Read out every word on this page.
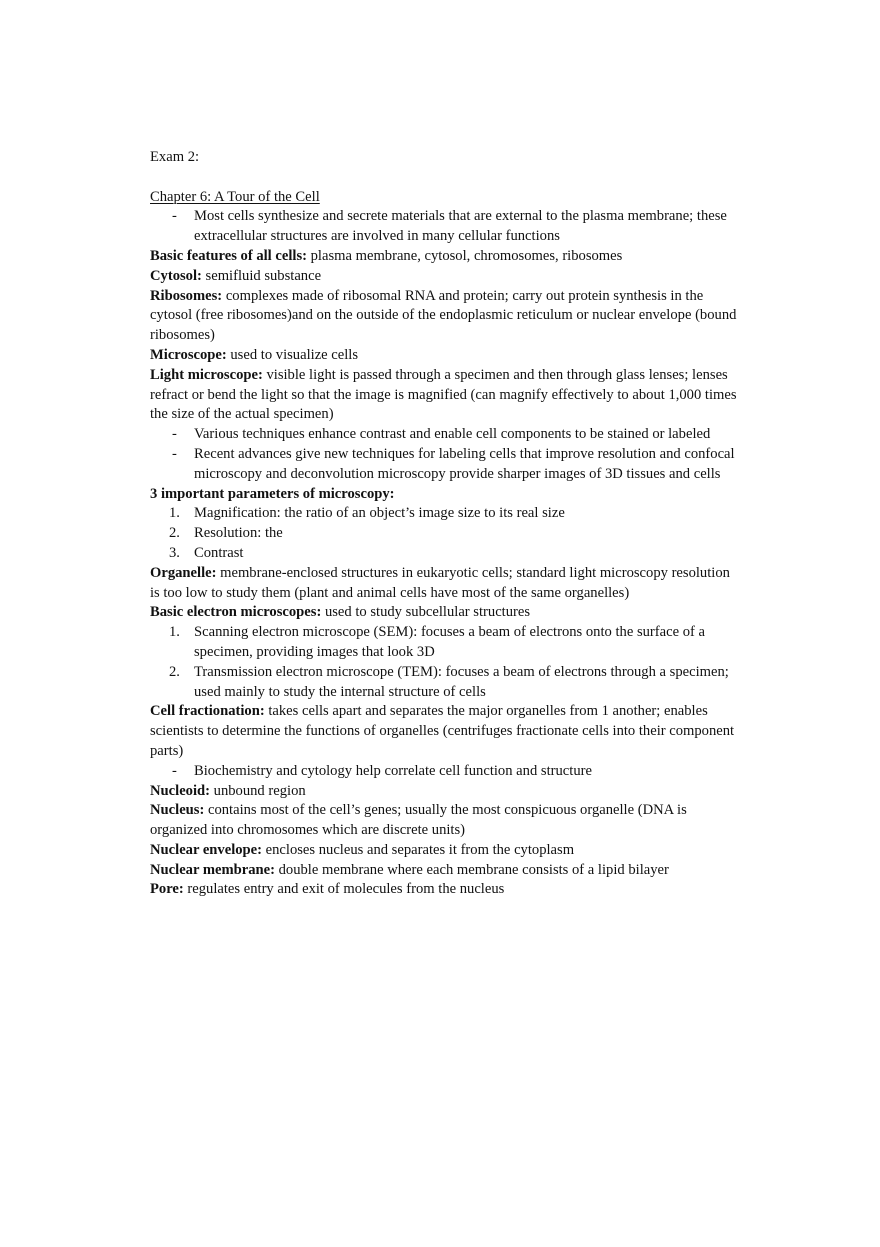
Exam 2:

Chapter 6: A Tour of the Cell

- Most cells synthesize and secrete materials that are external to the plasma membrane; these extracellular structures are involved in many cellular functions

Basic features of all cells: plasma membrane, cytosol, chromosomes, ribosomes

Cytosol: semifluid substance

Ribosomes: complexes made of ribosomal RNA and protein; carry out protein synthesis in the cytosol (free ribosomes)and on the outside of the endoplasmic reticulum or nuclear envelope (bound ribosomes)

Microscope: used to visualize cells

Light microscope: visible light is passed through a specimen and then through glass lenses; lenses refract or bend the light so that the image is magnified (can magnify effectively to about 1,000 times the size of the actual specimen)

- Various techniques enhance contrast and enable cell components to be stained or labeled
- Recent advances give new techniques for labeling cells that improve resolution and confocal microscopy and deconvolution microscopy provide sharper images of 3D tissues and cells

3 important parameters of microscopy:

1. Magnification: the ratio of an object’s image size to its real size
2. Resolution: the
3. Contrast

Organelle: membrane-enclosed structures in eukaryotic cells; standard light microscopy resolution is too low to study them (plant and animal cells have most of the same organelles)

Basic electron microscopes: used to study subcellular structures

1. Scanning electron microscope (SEM): focuses a beam of electrons onto the surface of a specimen, providing images that look 3D
2. Transmission electron microscope (TEM): focuses a beam of electrons through a specimen; used mainly to study the internal structure of cells

Cell fractionation: takes cells apart and separates the major organelles from 1 another; enables scientists to determine the functions of organelles (centrifuges fractionate cells into their component parts)

- Biochemistry and cytology help correlate cell function and structure

Nucleoid: unbound region

Nucleus: contains most of the cell’s genes; usually the most conspicuous organelle (DNA is organized into chromosomes which are discrete units)

Nuclear envelope: encloses nucleus and separates it from the cytoplasm

Nuclear membrane: double membrane where each membrane consists of a lipid bilayer

Pore: regulates entry and exit of molecules from the nucleus
